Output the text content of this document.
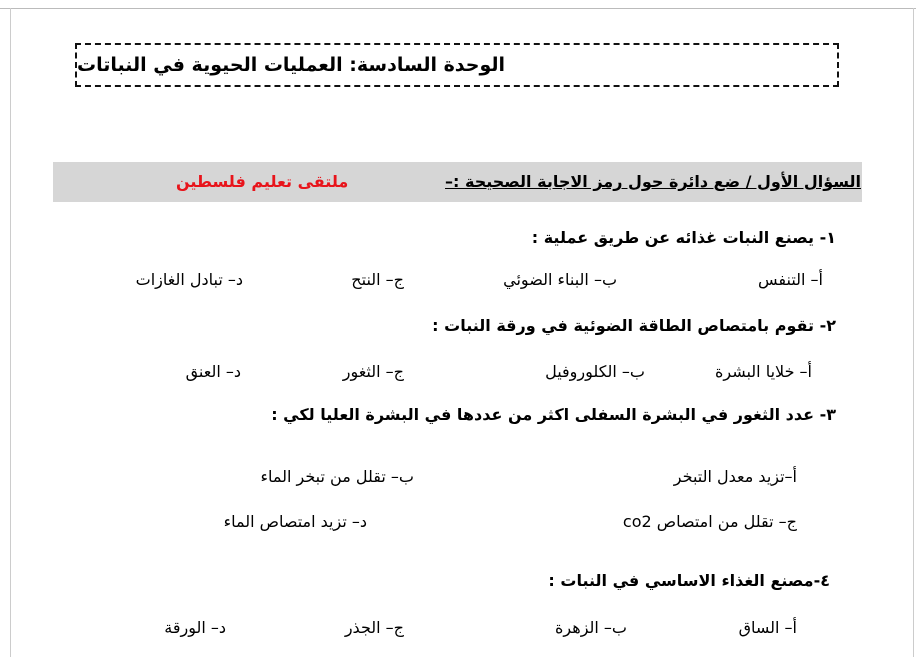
الوحدة السادسة: العمليات الحيوية في النباتات
السؤال الأول / ضع دائرة حول رمز الاجابة الصحيحة :–
ملتقى تعليم فلسطين
١- يصنع النبات غذائه عن طريق عملية :
أ– التنفس
ب– البناء الضوئي
ج– النتح
د– تبادل الغازات
٢- تقوم بامتصاص الطاقة الضوئية في ورقة النبات :
أ– خلايا البشرة
ب– الكلوروفيل
ج– الثغور
د– العنق
٣- عدد الثغور في البشرة السفلى اكثر من عددها في البشرة العليا لكي :
أ–تزيد معدل التبخر
ب– تقلل من تبخر الماء
ج– تقلل من امتصاص co2
د– تزيد امتصاص الماء
٤-مصنع الغذاء الاساسي في النبات :
أ– الساق
ب– الزهرة
ج– الجذر
د– الورقة
